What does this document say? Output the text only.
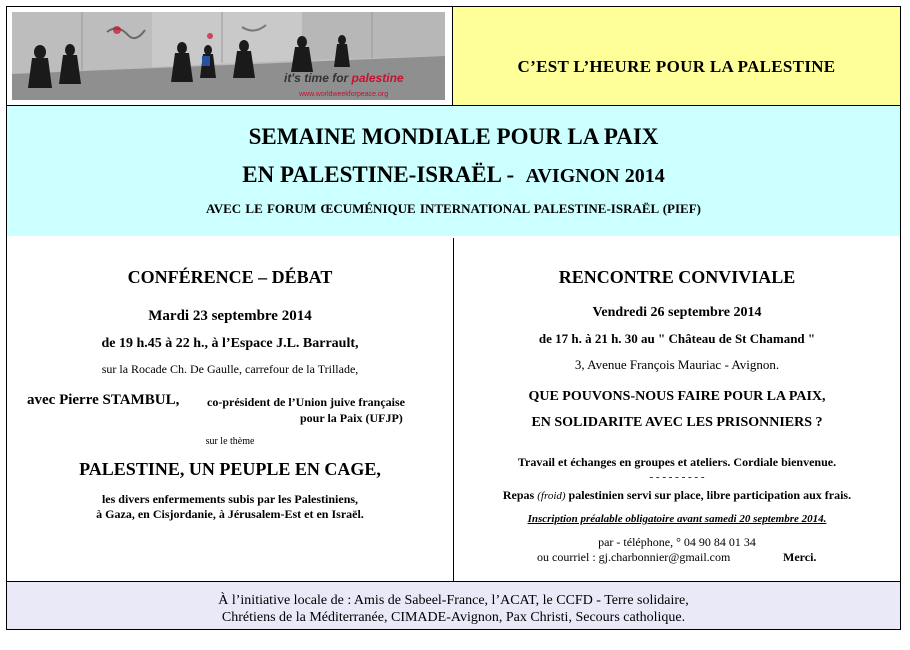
it's time for palestine
www.worldweekforpeace.org
C’EST L’HEURE POUR LA PALESTINE
SEMAINE MONDIALE POUR LA PAIX
EN PALESTINE-ISRAËL - AVIGNON 2014
AVEC LE FORUM ŒCUMÉNIQUE INTERNATIONAL PALESTINE-ISRAËL (PIEF)
CONFÉRENCE – DÉBAT
Mardi 23 septembre 2014
de 19 h.45 à 22 h., à l’Espace J.L. Barrault,
sur la Rocade Ch. De Gaulle, carrefour de la Trillade,
avec Pierre STAMBUL, co-président de l’Union juive française
pour la Paix (UFJP)
sur le thème
PALESTINE, UN PEUPLE EN CAGE,
les divers enfermements subis par les Palestiniens,
à Gaza, en Cisjordanie, à Jérusalem-Est et en Israël.
RENCONTRE CONVIVIALE
Vendredi 26 septembre 2014
de 17 h. à 21 h. 30 au " Château de St Chamand "
3, Avenue François Mauriac - Avignon.
QUE POUVONS-NOUS FAIRE POUR LA PAIX,
EN SOLIDARITE AVEC LES PRISONNIERS ?
Travail et échanges en groupes et ateliers. Cordiale bienvenue.
- - - - - - - - -
Repas (froid) palestinien servi sur place, libre participation aux frais.
Inscription préalable obligatoire avant samedi 20 septembre 2014.
par - téléphone, ° 04 90 84 01 34
ou courriel : gj.charbonnier@gmail.com	Merci.
À l’initiative locale de : Amis de Sabeel-France, l’ACAT, le CCFD - Terre solidaire,
Chrétiens de la Méditerranée, CIMADE-Avignon, Pax Christi, Secours catholique.
